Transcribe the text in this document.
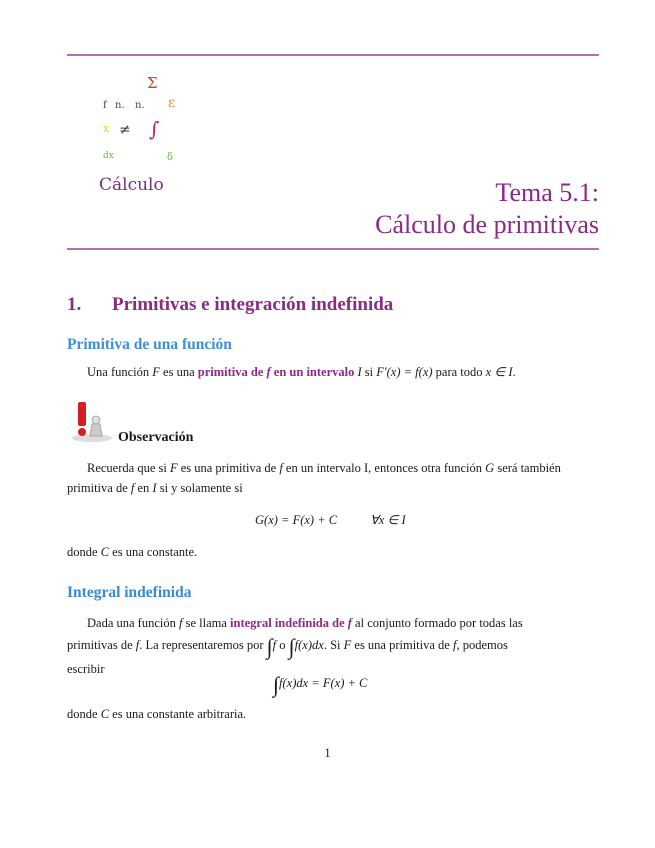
Σ
f n. n. ε
x ≠ ∫
dx	δ
Cálculo	Tema 5.1:
Cálculo de primitivas
1. Primitivas e integración indefinida
Primitiva de una función
Una función F es una primitiva de f en un intervalo I si F′(x) = f(x) para todo x ∈ I.
Observación
Recuerda que si F es una primitiva de f en un intervalo I, entonces otra función G será también
primitiva de f en I si y solamente si
G(x) = F(x) + C	∀x ∈ I
donde C es una constante.
Integral indefinida
Dada una función f se llama integral indefinida de f al conjunto formado por todas las
primitivas de f. La representaremos por ∫f o ∫f(x)dx. Si F es una primitiva de f, podemos
escribir
∫f(x)dx = F(x) + C
donde C es una constante arbitraria.
1
